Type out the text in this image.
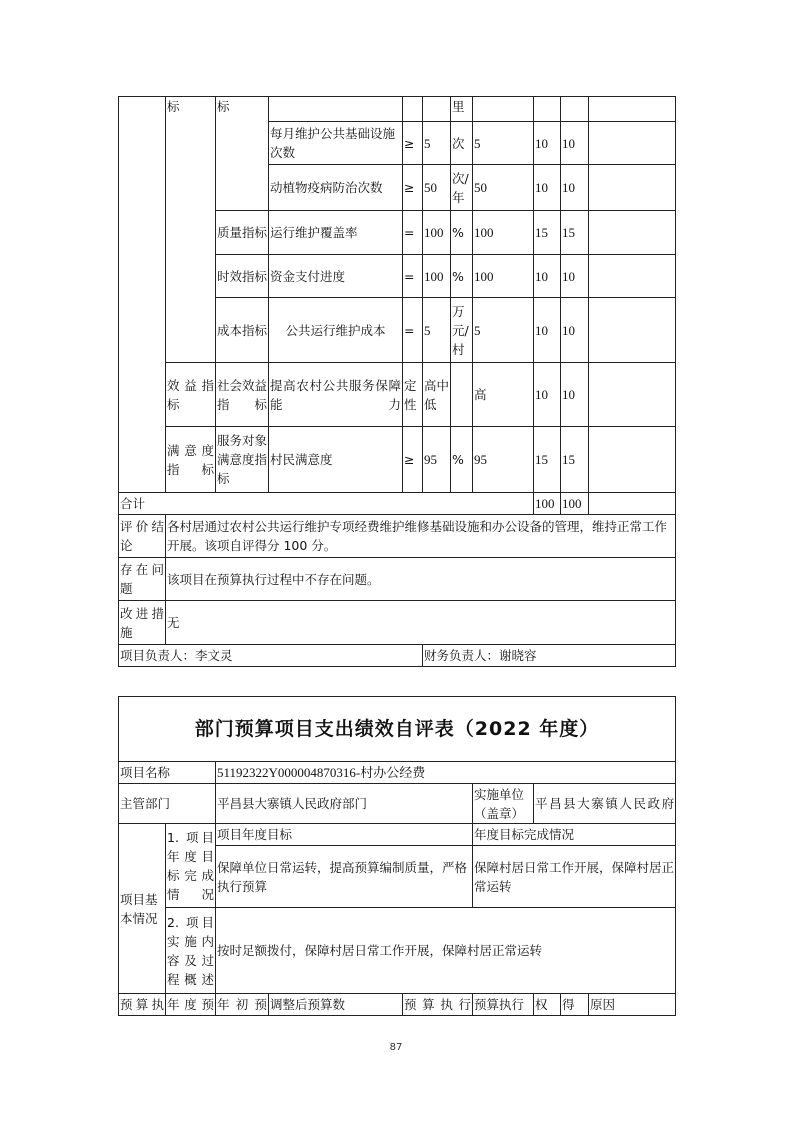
	标	标				里				
			每月维护公共基础设施次数	≥	5	次	5	10	10	
			动植物疫病防治次数	≥	50	次/年	50	10	10	
		质量指标	运行维护覆盖率	=	100	%	100	15	15	
		时效指标	资金支付进度	=	100	%	100	10	10	
		成本指标	公共运行维护成本	=	5	万元/村	5	10	10	
	效益指标	社会效益指标	提高农村公共服务保障能力	定性	高中低		高	10	10	
	满意度指标	服务对象满意度指标	村民满意度	≥	95	%	95	15	15	
合计								100	100	
评价结论	各村居通过农村公共运行维护专项经费维护维修基础设施和办公设备的管理，维持正常工作开展。该项自评得分 100 分。									
存在问题	该项目在预算执行过程中不存在问题。									
改进措施	无									
项目负责人：李文灵					财务负责人：谢晓容					
部门预算项目支出绩效自评表（2022 年度）								
项目名称		51192322Y000004870316-村办公经费						
主管部门		平昌县大寨镇人民政府部门			实施单位（盖章）	平昌县大寨镇人民政府		
项目基本情况	1. 项目年度目标完成情况	项目年度目标			年度目标完成情况			
		保障单位日常运转，提高预算编制质量，严格执行预算			保障村居日常工作开展，保障村居正常运转			
	2. 项目实施内容及过程概述	按时足额拨付，保障村居日常工作开展，保障村居正常运转						
预算执	年度预	年初预	调整后预算数	预算执行	预算执行	权	得	原因
87
